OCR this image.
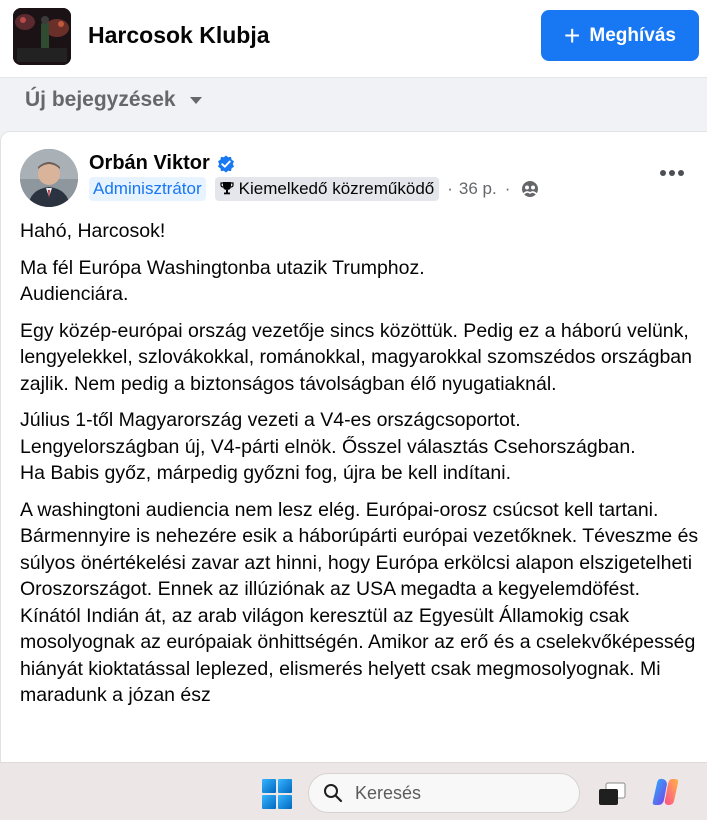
Harcosok Klubja	+ Meghívás
Új bejegyzések
Orbán Viktor
Adminisztrátor Kiemelkedő közreműködő · 36 p. ·

Hahó, Harcosok!

Ma fél Európa Washingtonba utazik Trumphoz.
Audienciára.

Egy közép-európai ország vezetője sincs közöttük. Pedig ez a háború velünk, lengyelekkel, szlovákokkal, románokkal, magyarokkal szomszédos országban zajlik. Nem pedig a biztonságos távolságban élő nyugatiaknál.

Július 1-től Magyarország vezeti a V4-es országcsoportot.
Lengyelországban új, V4-párti elnök. Ősszel választás Csehországban.
Ha Babis győz, márpedig győzni fog, újra be kell indítani.

A washingtoni audiencia nem lesz elég. Európai-orosz csúcsot kell tartani. Bármennyire is nehezére esik a háborúpárti európai vezetőknek. Téveszme és súlyos önértékelési zavar azt hinni, hogy Európa erkölcsi alapon elszigetelheti Oroszországot. Ennek az illúziónak az USA megadta a kegyelemdöfést. Kínától Indián át, az arab világon keresztül az Egyesült Államokig csak mosolyognak az európaiak önhittségén. Amikor az erő és a cselekvőképesség hiányát kioktatással leplezed, elismerés helyett csak megmosolyognak. Mi maradunk a józan ész

Keresés
